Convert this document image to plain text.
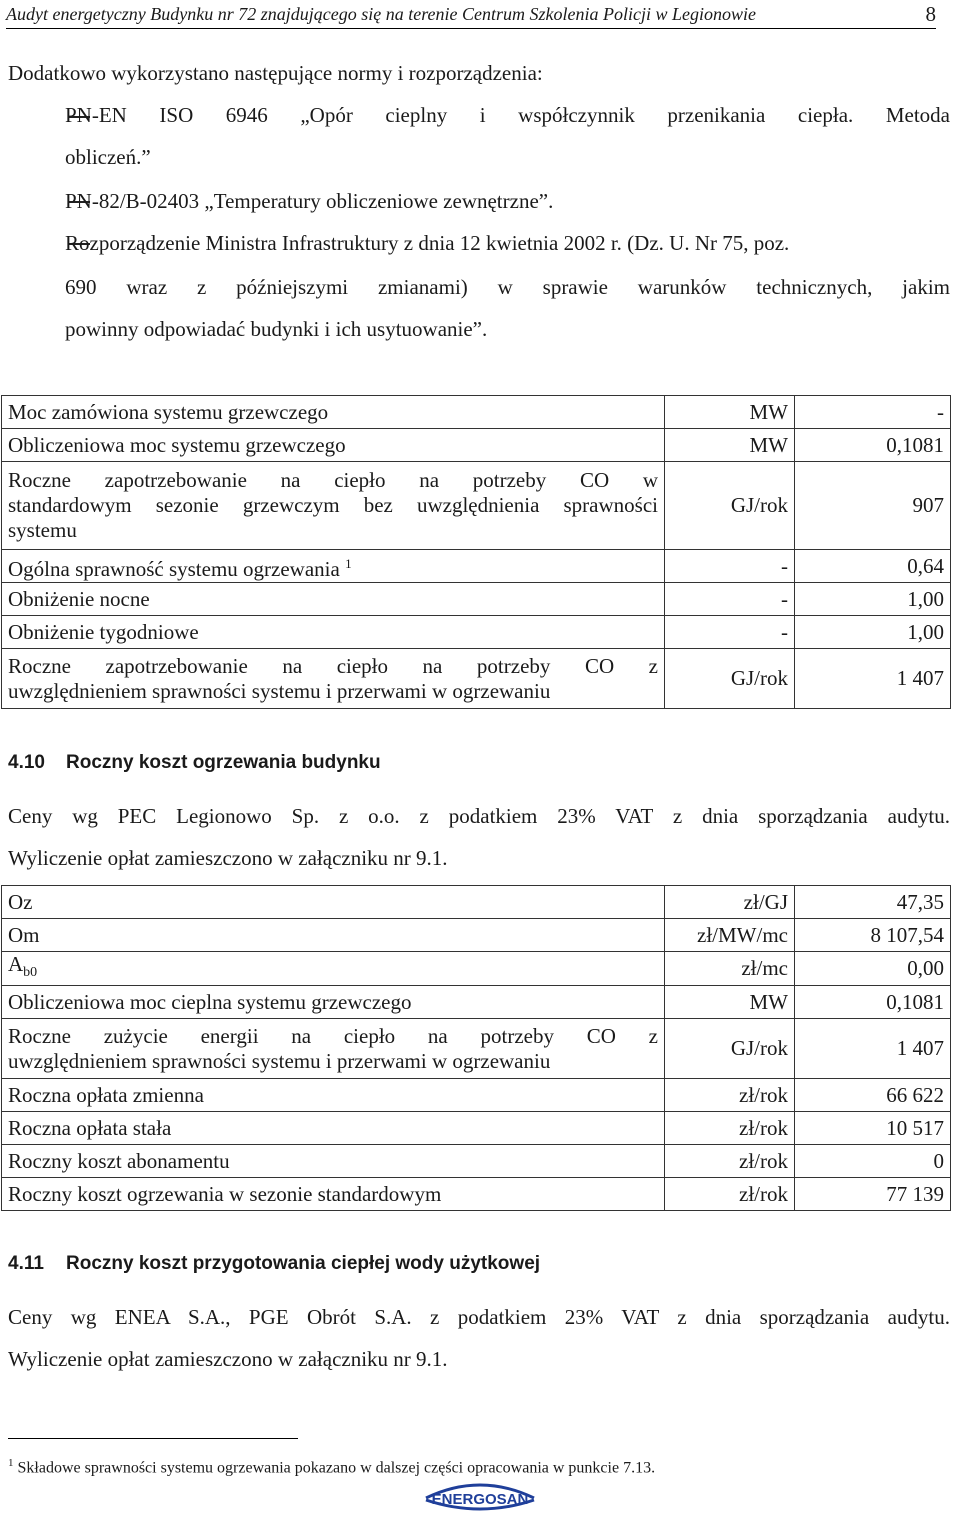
Audyt energetyczny Budynku nr 72 znajdującego się na terenie Centrum Szkolenia Policji w Legionowie	8
Dodatkowo wykorzystano następujące normy i rozporządzenia:
PN-EN ISO 6946 „Opór cieplny i współczynnik przenikania ciepła. Metoda
obliczeń.”
PN-82/B-02403 „Temperatury obliczeniowe zewnętrzne”.
Rozporządzenie Ministra Infrastruktury z dnia 12 kwietnia 2002 r. (Dz. U. Nr 75, poz.
690 wraz z późniejszymi zmianami) w sprawie warunków technicznych, jakim
powinny odpowiadać budynki i ich usytuowanie”.
Moc zamówiona systemu grzewczego	MW	-
Obliczeniowa moc systemu grzewczego	MW	0,1081

Roczne zapotrzebowanie na ciepło na potrzeby CO w
standardowym sezonie grzewczym bez uwzględnienia sprawności
systemu	GJ/rok	907
Ogólna sprawność systemu ogrzewania $^1$	-	0,64
Obniżenie nocne	-	1,00
Obniżenie tygodniowe	-	1,00

Roczne zapotrzebowanie na ciepło na potrzeby CO z
uwzględnieniem sprawności systemu i przerwami w ogrzewaniu	GJ/rok	1 407
4.10 Roczny koszt ogrzewania budynku
Ceny wg PEC Legionowo Sp. z o.o. z podatkiem 23% VAT z dnia sporządzania audytu.
Wyliczenie opłat zamieszczono w załączniku nr 9.1.
Oz	zł/GJ	47,35
Om	zł/MW/mc	8 107,54
$A_{b0}$	zł/mc	0,00
Obliczeniowa moc cieplna systemu grzewczego	MW	0,1081

Roczne zużycie energii na ciepło na potrzeby CO z
uwzględnieniem sprawności systemu i przerwami w ogrzewaniu	GJ/rok	1 407
Roczna opłata zmienna	zł/rok	66 622
Roczna opłata stała	zł/rok	10 517
Roczny koszt abonamentu	zł/rok	0
Roczny koszt ogrzewania w sezonie standardowym	zł/rok	77 139
4.11 Roczny koszt przygotowania ciepłej wody użytkowej
Ceny wg ENEA S.A., PGE Obrót S.A. z podatkiem 23% VAT z dnia sporządzania audytu.
Wyliczenie opłat zamieszczono w załączniku nr 9.1.
$^1$ Składowe sprawności systemu ogrzewania pokazano w dalszej części opracowania w punkcie 7.13.
ENERGOSAN
